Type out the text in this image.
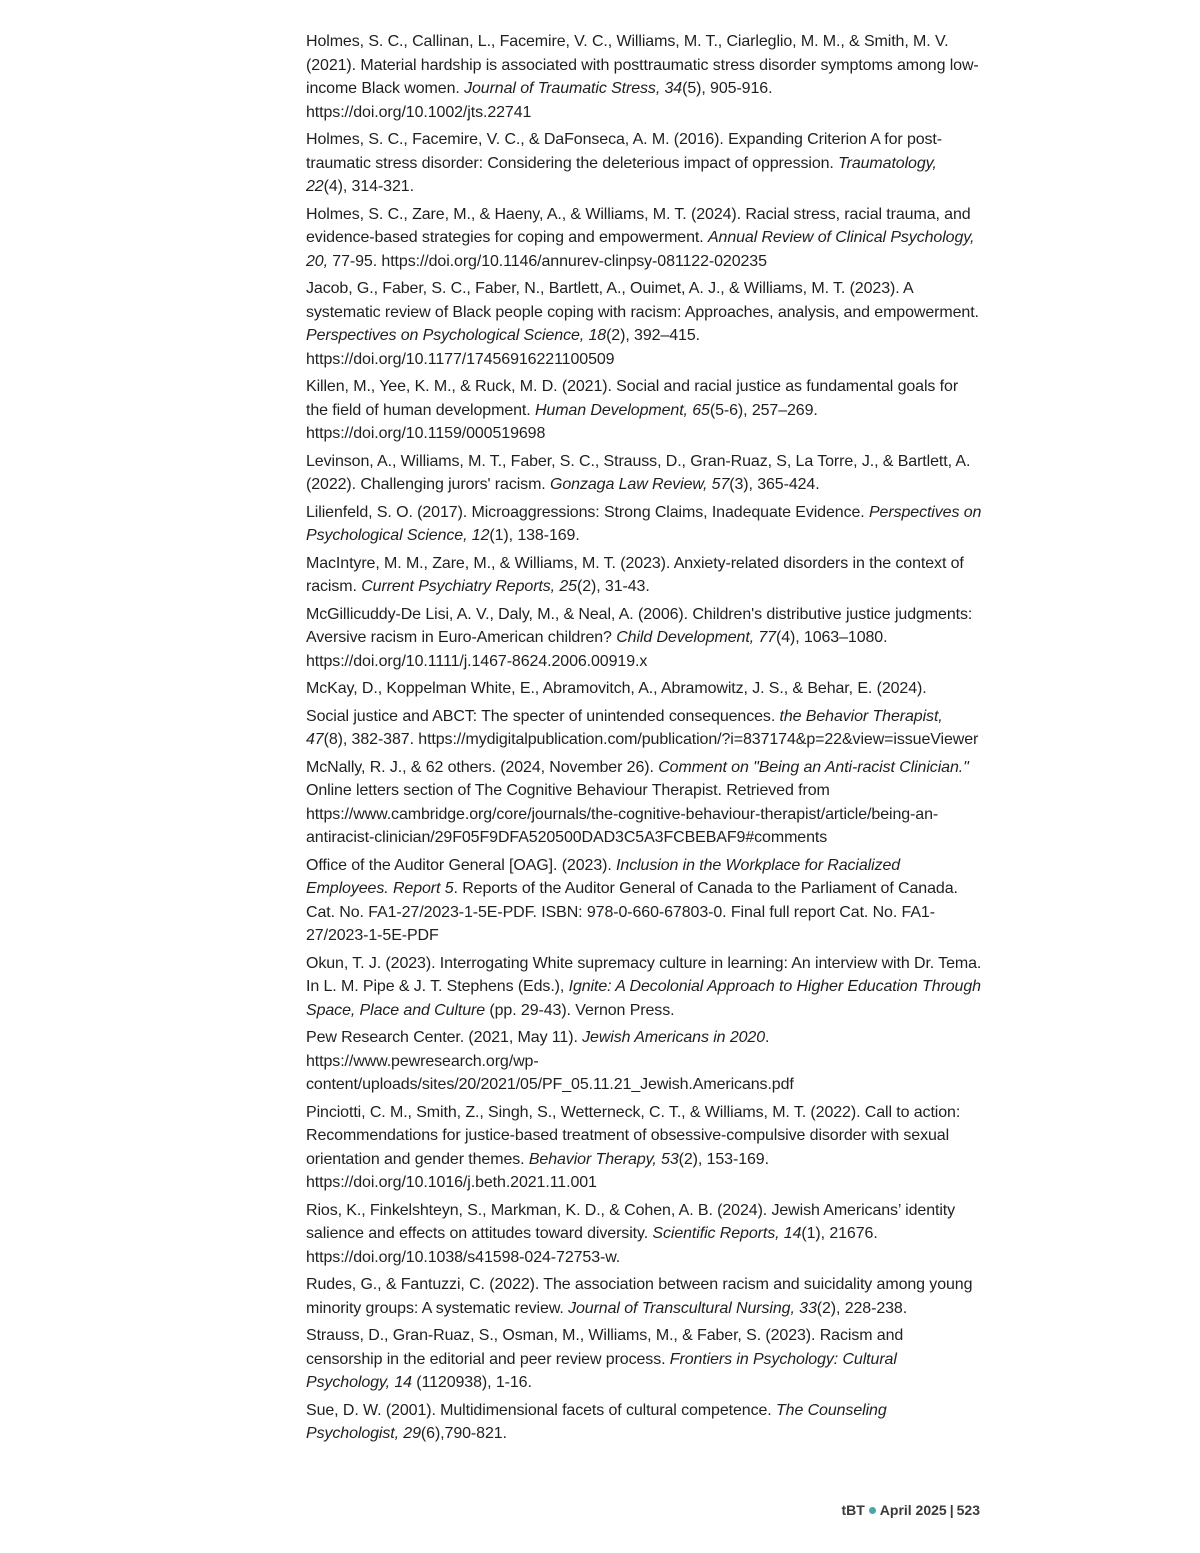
Holmes, S. C., Callinan, L., Facemire, V. C., Williams, M. T., Ciarleglio, M. M., & Smith, M. V. (2021). Material hardship is associated with posttraumatic stress disorder symptoms among low-income Black women. Journal of Traumatic Stress, 34(5), 905-916. https://doi.org/10.1002/jts.22741
Holmes, S. C., Facemire, V. C., & DaFonseca, A. M. (2016). Expanding Criterion A for post-traumatic stress disorder: Considering the deleterious impact of oppression. Traumatology, 22(4), 314-321.
Holmes, S. C., Zare, M., & Haeny, A., & Williams, M. T. (2024). Racial stress, racial trauma, and evidence-based strategies for coping and empowerment. Annual Review of Clinical Psychology, 20, 77-95. https://doi.org/10.1146/annurev-clinpsy-081122-020235
Jacob, G., Faber, S. C., Faber, N., Bartlett, A., Ouimet, A. J., & Williams, M. T. (2023). A systematic review of Black people coping with racism: Approaches, analysis, and empowerment. Perspectives on Psychological Science, 18(2), 392–415. https://doi.org/10.1177/17456916221100509
Killen, M., Yee, K. M., & Ruck, M. D. (2021). Social and racial justice as fundamental goals for the field of human development. Human Development, 65(5-6), 257–269. https://doi.org/10.1159/000519698
Levinson, A., Williams, M. T., Faber, S. C., Strauss, D., Gran-Ruaz, S, La Torre, J., & Bartlett, A. (2022). Challenging jurors' racism. Gonzaga Law Review, 57(3), 365-424.
Lilienfeld, S. O. (2017). Microaggressions: Strong Claims, Inadequate Evidence. Perspectives on Psychological Science, 12(1), 138-169.
MacIntyre, M. M., Zare, M., & Williams, M. T. (2023). Anxiety-related disorders in the context of racism. Current Psychiatry Reports, 25(2), 31-43.
McGillicuddy-De Lisi, A. V., Daly, M., & Neal, A. (2006). Children's distributive justice judgments: Aversive racism in Euro-American children? Child Development, 77(4), 1063–1080. https://doi.org/10.1111/j.1467-8624.2006.00919.x
McKay, D., Koppelman White, E., Abramovitch, A., Abramowitz, J. S., & Behar, E. (2024).
Social justice and ABCT: The specter of unintended consequences. the Behavior Therapist, 47(8), 382-387. https://mydigitalpublication.com/publication/?i=837174&p=22&view=issueViewer
McNally, R. J., & 62 others. (2024, November 26). Comment on "Being an Anti-racist Clinician." Online letters section of The Cognitive Behaviour Therapist. Retrieved from https://www.cambridge.org/core/journals/the-cognitive-behaviour-therapist/article/being-an-antiracist-clinician/29F05F9DFA520500DAD3C5A3FCBEBAF9#comments
Office of the Auditor General [OAG]. (2023). Inclusion in the Workplace for Racialized Employees. Report 5. Reports of the Auditor General of Canada to the Parliament of Canada. Cat. No. FA1-27/2023-1-5E-PDF. ISBN: 978-0-660-67803-0. Final full report Cat. No. FA1-27/2023-1-5E-PDF
Okun, T. J. (2023). Interrogating White supremacy culture in learning: An interview with Dr. Tema. In L. M. Pipe & J. T. Stephens (Eds.), Ignite: A Decolonial Approach to Higher Education Through Space, Place and Culture (pp. 29-43). Vernon Press.
Pew Research Center. (2021, May 11). Jewish Americans in 2020. https://www.pewresearch.org/wp-content/uploads/sites/20/2021/05/PF_05.11.21_Jewish.Americans.pdf
Pinciotti, C. M., Smith, Z., Singh, S., Wetterneck, C. T., & Williams, M. T. (2022). Call to action: Recommendations for justice-based treatment of obsessive-compulsive disorder with sexual orientation and gender themes. Behavior Therapy, 53(2), 153-169. https://doi.org/10.1016/j.beth.2021.11.001
Rios, K., Finkelshteyn, S., Markman, K. D., & Cohen, A. B. (2024). Jewish Americans’ identity salience and effects on attitudes toward diversity. Scientific Reports, 14(1), 21676. https://doi.org/10.1038/s41598-024-72753-w.
Rudes, G., & Fantuzzi, C. (2022). The association between racism and suicidality among young minority groups: A systematic review. Journal of Transcultural Nursing, 33(2), 228-238.
Strauss, D., Gran-Ruaz, S., Osman, M., Williams, M., & Faber, S. (2023). Racism and censorship in the editorial and peer review process. Frontiers in Psychology: Cultural Psychology, 14 (1120938), 1-16.
Sue, D. W. (2001). Multidimensional facets of cultural competence. The Counseling Psychologist, 29(6),790-821.
tBT April 2025 | 523
